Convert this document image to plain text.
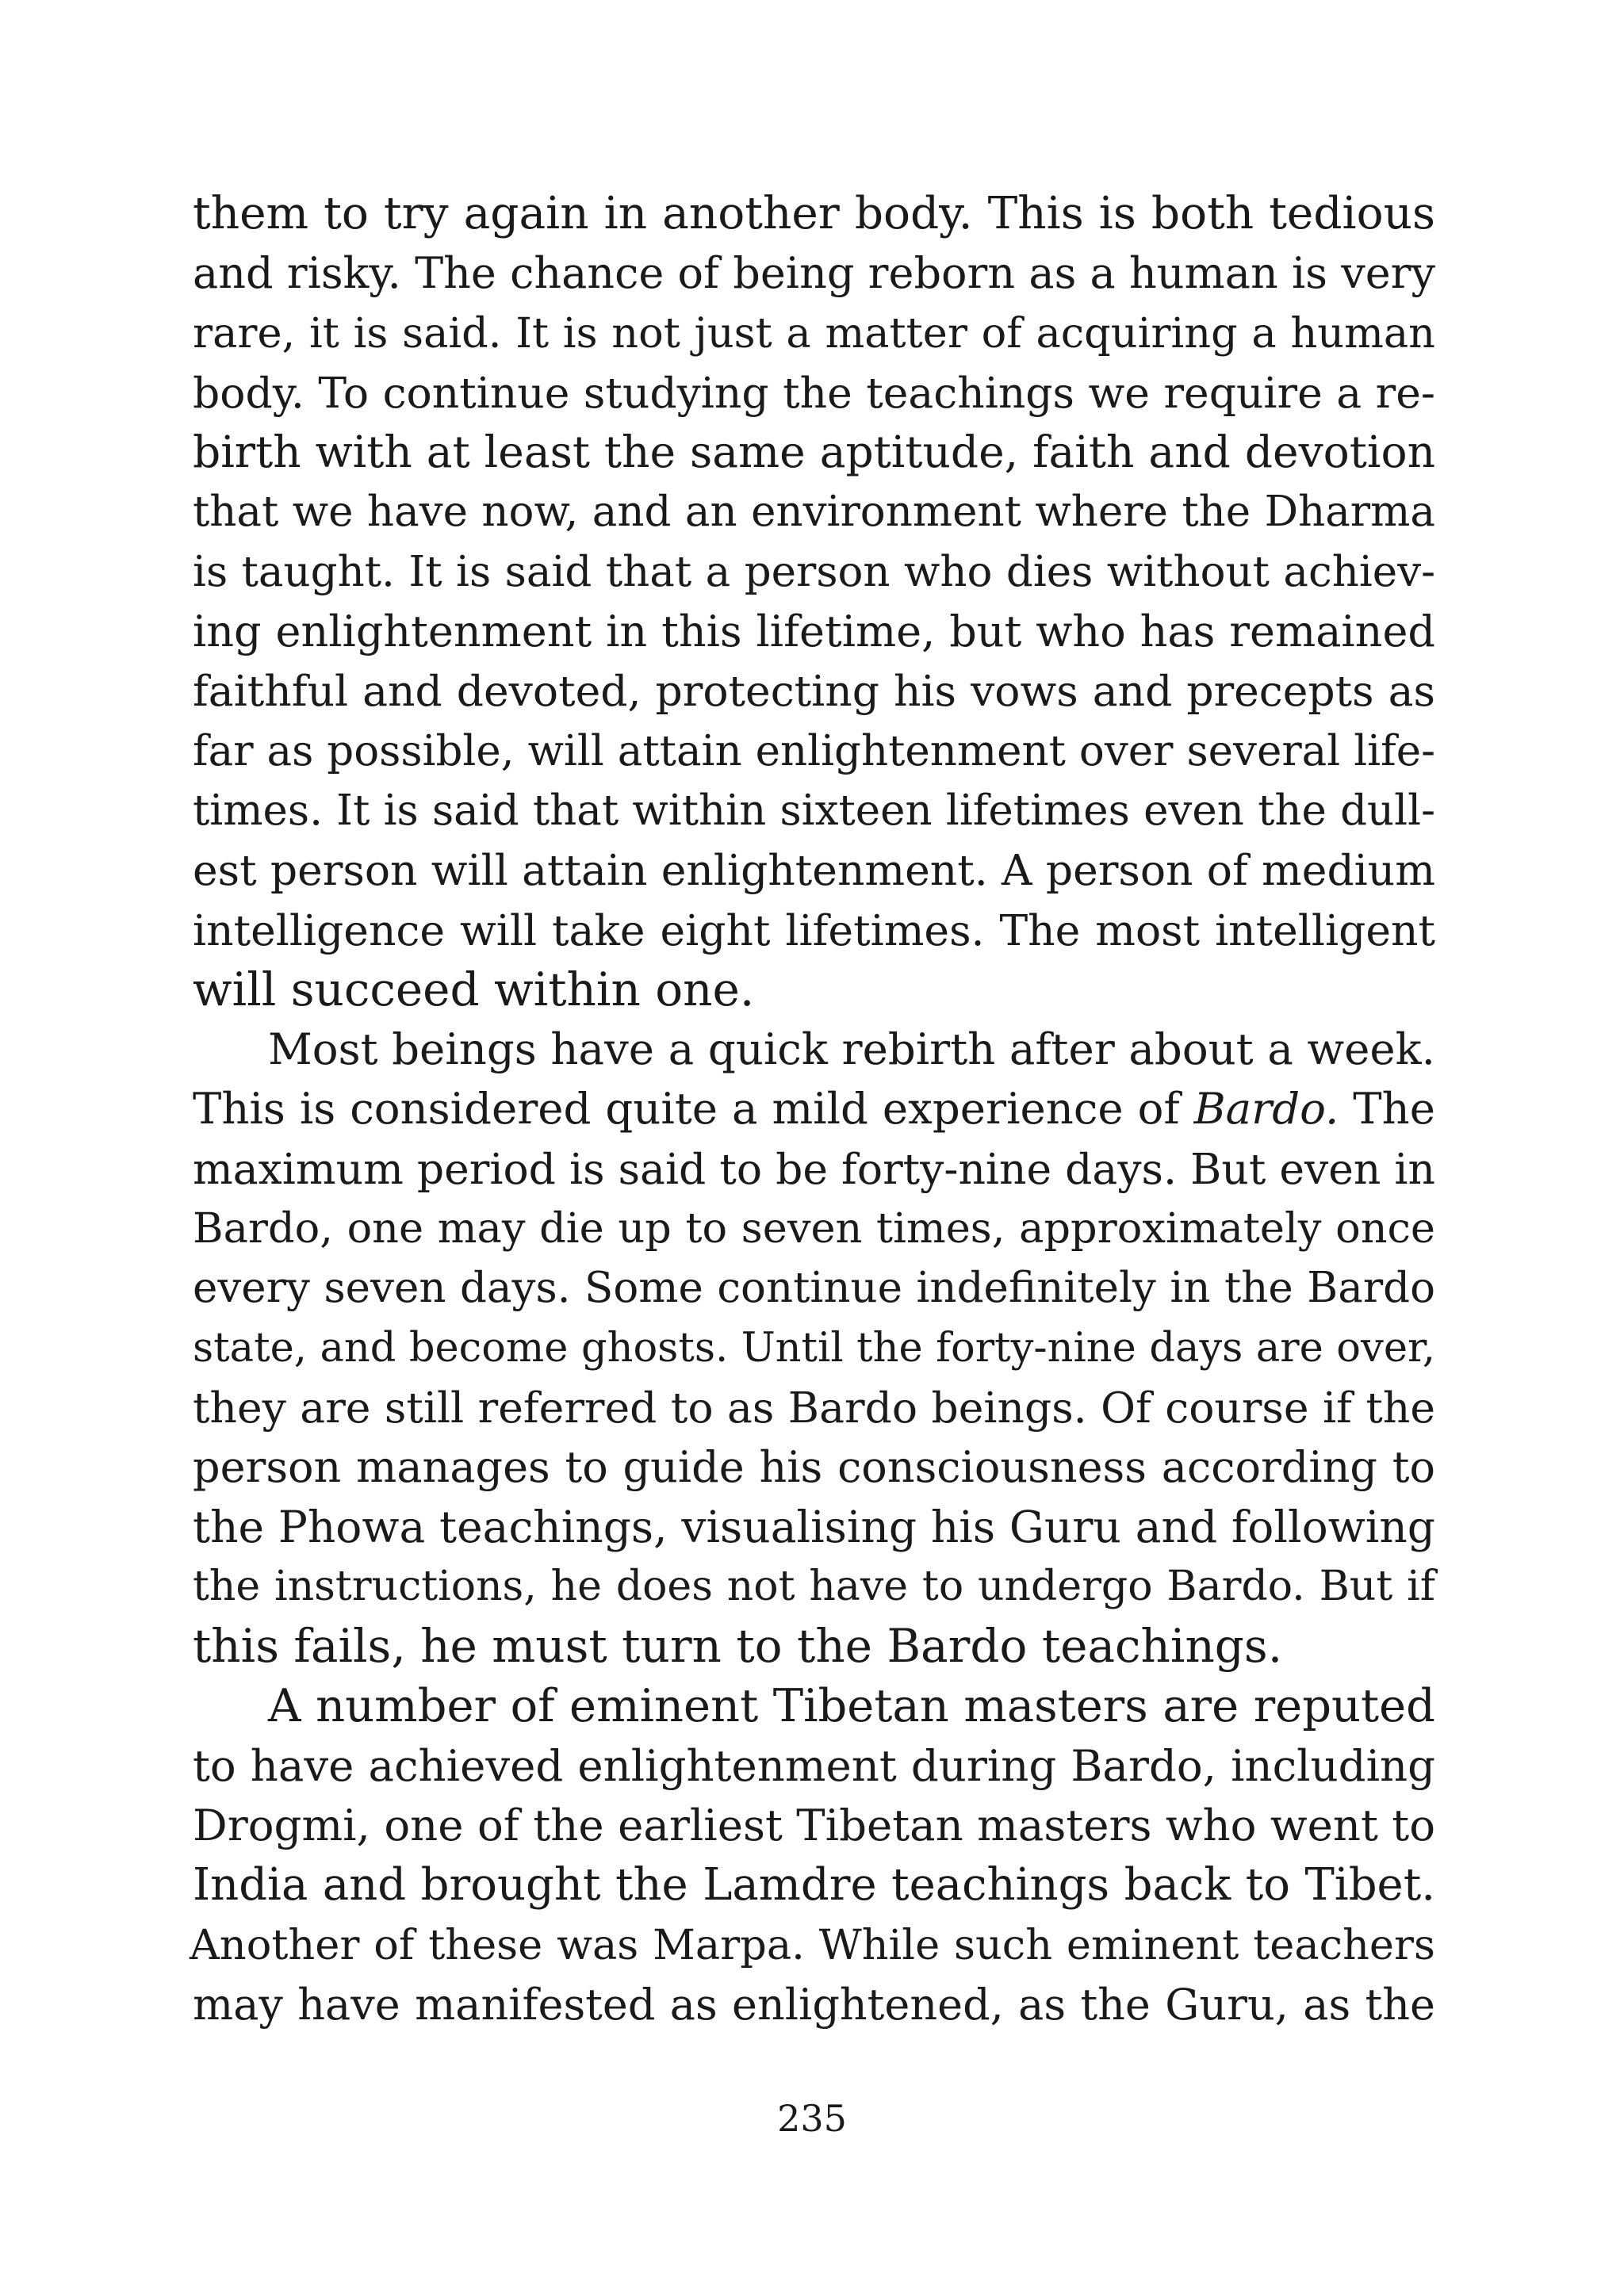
them to try again in another body. This is both tedious
and risky. The chance of being reborn as a human is very
rare, it is said. It is not just a matter of acquiring a human
body. To continue studying the teachings we require a re-
birth with at least the same aptitude, faith and devotion
that we have now, and an environment where the Dharma
is taught. It is said that a person who dies without achiev-
ing enlightenment in this lifetime, but who has remained
faithful and devoted, protecting his vows and precepts as
far as possible, will attain enlightenment over several life-
times. It is said that within sixteen lifetimes even the dull-
est person will attain enlightenment. A person of medium
intelligence will take eight lifetimes. The most intelligent
will succeed within one.
Most beings have a quick rebirth after about a week.
This is considered quite a mild experience of Bardo. The
maximum period is said to be forty-nine days. But even in
Bardo, one may die up to seven times, approximately once
every seven days. Some continue indefinitely in the Bardo
state, and become ghosts. Until the forty-nine days are over,
they are still referred to as Bardo beings. Of course if the
person manages to guide his consciousness according to
the Phowa teachings, visualising his Guru and following
the instructions, he does not have to undergo Bardo. But if
this fails, he must turn to the Bardo teachings.
A number of eminent Tibetan masters are reputed
to have achieved enlightenment during Bardo, including
Drogmi, one of the earliest Tibetan masters who went to
India and brought the Lamdre teachings back to Tibet.
Another of these was Marpa. While such eminent teachers
may have manifested as enlightened, as the Guru, as the
235
